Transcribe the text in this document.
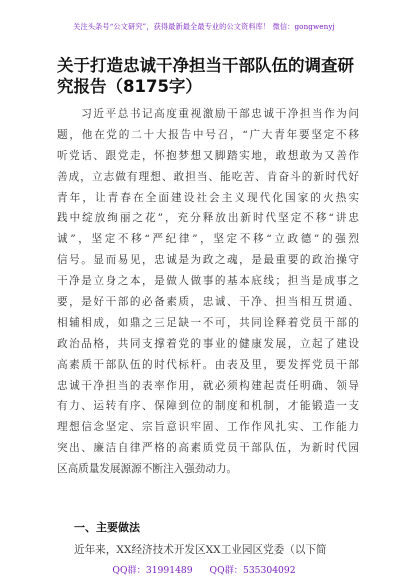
关注头条号“公文研究”，获得最新最全最专业的公文资料库！ 微信：gongwenyj
关于打造忠诚干净担当干部队伍的调查研究报告（8175字）
　　习近平总书记高度重视激励干部忠诚干净担当作为问
题，他在党的二十大报告中号召，“广大青年要坚定不移
听党话、跟党走，怀抱梦想又脚踏实地，敢想敢为又善作
善成，立志做有理想、敢担当、能吃苦、肯奋斗的新时代好
青年，让青春在全面建设社会主义现代化国家的火热实
践中绽放绚丽之花”，充分释放出新时代坚定不移“讲忠
诚”，坚定不移“严纪律”，坚定不移“立政德”的强烈
信号。显而易见，忠诚是为政之魂，是最重要的政治操守
干净是立身之本，是做人做事的基本底线；担当是成事之
要，是好干部的必备素质，忠诚、干净、担当相互贯通、
相辅相成，如鼎之三足缺一不可，共同诠释着党员干部的
政治品格，共同支撑着党的事业的健康发展，立起了建设
高素质干部队伍的时代标杆。由表及里，要发挥党员干部
忠诚干净担当的表率作用，就必须构建起责任明确、领导
有力、运转有序、保障到位的制度和机制，才能锻造一支
理想信念坚定、宗旨意识牢固、工作作风扎实、工作能力
突出、廉洁自律严格的高素质党员干部队伍，为新时代园
区高质量发展源源不断注入强劲动力。
一、主要做法
近年来，XX经济技术开发区XX工业园区党委（以下简
QQ群：31991489 QQ群：535304092
